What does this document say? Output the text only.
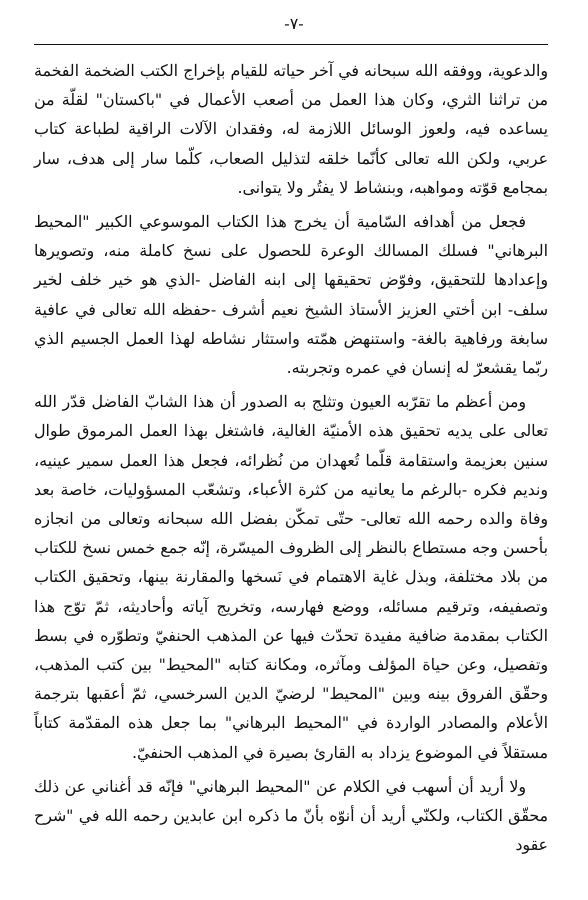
-٧-

والدعوية، ووفقه الله سبحانه في آخر حياته للقيام بإخراج الكتب الضخمة الفخمة من تراثنا الثري، وكان هذا العمل من أصعب الأعمال في "باكستان" لقلّة من يساعده فيه، ولعوز الوسائل اللازمة له، وفقدان الآلات الراقية لطباعة كتاب عربي، ولكن الله تعالى كأنّما خلقه لتذليل الصعاب، كلّما سار إلى هدف، سار بمجامع قوّته ومواهبه، وبنشاط لا يفتُر ولا يتوانى.

فجعل من أهدافه السّامية أن يخرج هذا الكتاب الموسوعي الكبير "المحيط البرهاني" فسلك المسالك الوعرة للحصول على نسخ كاملة منه، وتصويرها وإعدادها للتحقيق، وفوّض تحقيقها إلى ابنه الفاضل -الذي هو خير خلف لخير سلف- ابن أختي العزيز الأستاذ الشيخ نعيم أشرف -حفظه الله تعالى في عافية سابغة ورفاهية بالغة- واستنهض همّته واستثار نشاطه لهذا العمل الجسيم الذي ربّما يقشعرّ له إنسان في عمره وتجربته.

ومن أعظم ما تقرّبه العيون وتثلج به الصدور أن هذا الشابّ الفاضل قدّر الله تعالى على يديه تحقيق هذه الأمنيّة الغالية، فاشتغل بهذا العمل المرموق طوال سنين بعزيمة واستقامة قلّما تُعهدان من نُظرائه، فجعل هذا العمل سمير عينيه، ونديم فكره -بالرغم ما يعانيه من كثرة الأعباء، وتشعّب المسؤوليات، خاصة بعد وفاة والده رحمه الله تعالى- حتّى تمكّن بفضل الله سبحانه وتعالى من انجازه بأحسن وجه مستطاع بالنظر إلى الظروف الميسّرة، إنّه جمع خمس نسخ للكتاب من بلاد مختلفة، وبذل غاية الاهتمام في نَسخها والمقارنة بينها، وتحقيق الكتاب وتصفيفه، وترقيم مسائله، ووضع فهارسه، وتخريج آياته وأحاديثه، ثمّ توّج هذا الكتاب بمقدمة ضافية مفيدة تحدّث فيها عن المذهب الحنفيّ وتطوّره في بسط وتفصيل، وعن حياة المؤلف ومآثره، ومكانة كتابه "المحيط" بين كتب المذهب، وحقّق الفروق بينه وبين "المحيط" لرضيّ الدين السرخسي، ثمّ أعقبها بترجمة الأعلام والمصادر الواردة في "المحيط البرهاني" بما جعل هذه المقدّمة كتاباً مستقلاً في الموضوع يزداد به القارئ بصيرة في المذهب الحنفيّ.

ولا أريد أن أسهب في الكلام عن "المحيط البرهاني" فإنّه قد أغناني عن ذلك محقّق الكتاب، ولكنّي أريد أن أنوّه بأنّ ما ذكره ابن عابدين رحمه الله في "شرح عقود
